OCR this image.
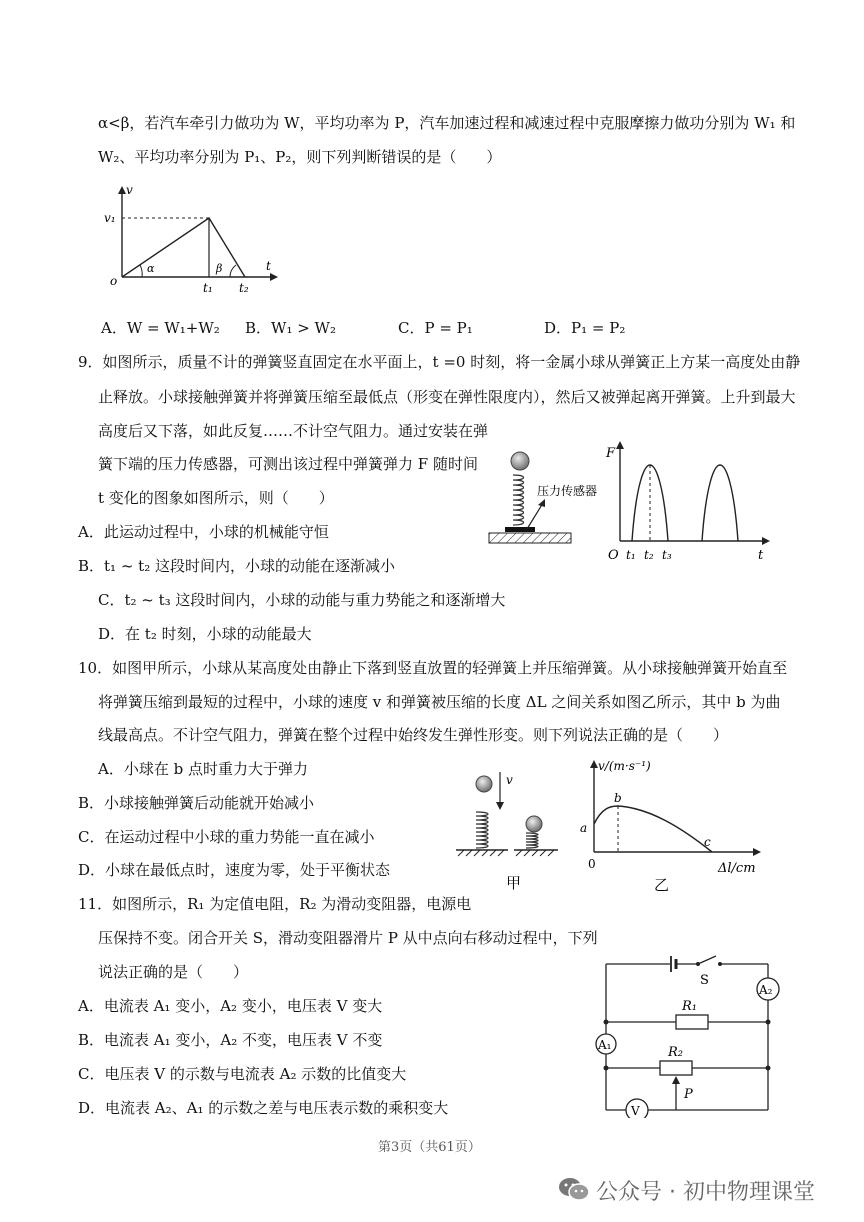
α<β，若汽车牵引力做功为 W，平均功率为 P，汽车加速过程和减速过程中克服摩擦力做功分别为 W₁ 和
W₂、平均功率分别为 P₁、P₂，则下列判断错误的是（　　）
v
v₁
t
o
α	β
t₁ t₂
A．W = W₁+W₂ B．W₁ > W₂	C．P = P₁	D．P₁ = P₂
9．如图所示，质量不计的弹簧竖直固定在水平面上，t =0 时刻，将一金属小球从弹簧正上方某一高度处由静
止释放。小球接触弹簧并将弹簧压缩至最低点（形变在弹性限度内），然后又被弹起离开弹簧。上升到最大
高度后又下落，如此反复……不计空气阻力。通过安装在弹
簧下端的压力传感器，可测出该过程中弹簧弹力 F 随时间
t 变化的图象如图所示，则（　　）	压力传感器
F
t
O t₁ t₂ t₃
A．此运动过程中，小球的机械能守恒
B．t₁ ~ t₂ 这段时间内，小球的动能在逐渐减小
C．t₂ ~ t₃ 这段时间内，小球的动能与重力势能之和逐渐增大
D．在 t₂ 时刻，小球的动能最大
10．如图甲所示，小球从某高度处由静止下落到竖直放置的轻弹簧上并压缩弹簧。从小球接触弹簧开始直至
将弹簧压缩到最短的过程中，小球的速度 v 和弹簧被压缩的长度 ΔL 之间关系如图乙所示，其中 b 为曲
线最高点。不计空气阻力，弹簧在整个过程中始终发生弹性形变。则下列说法正确的是（　　）
A．小球在 b 点时重力大于弹力
B．小球接触弹簧后动能就开始减小
C．在运动过程中小球的重力势能一直在减小
D．小球在最低点时，速度为零，处于平衡状态
v
甲
v/(m·s⁻¹)
a
b
c
0	Δl/cm
乙
11．如图所示，R₁ 为定值电阻，R₂ 为滑动变阻器，电源电
压保持不变。闭合开关 S，滑动变阻器滑片 P 从中点向右移动过程中，下列
说法正确的是（　　）
A．电流表 A₁ 变小，A₂ 变小，电压表 V 变大
B．电流表 A₁ 变小，A₂ 不变，电压表 V 不变
C．电压表 V 的示数与电流表 A₂ 示数的比值变大
D．电流表 A₂、A₁ 的示数之差与电压表示数的乘积变大
S
A₂
A₁
V
R₁
R₂
P
第3页（共61页）
公众号 · 初中物理课堂
